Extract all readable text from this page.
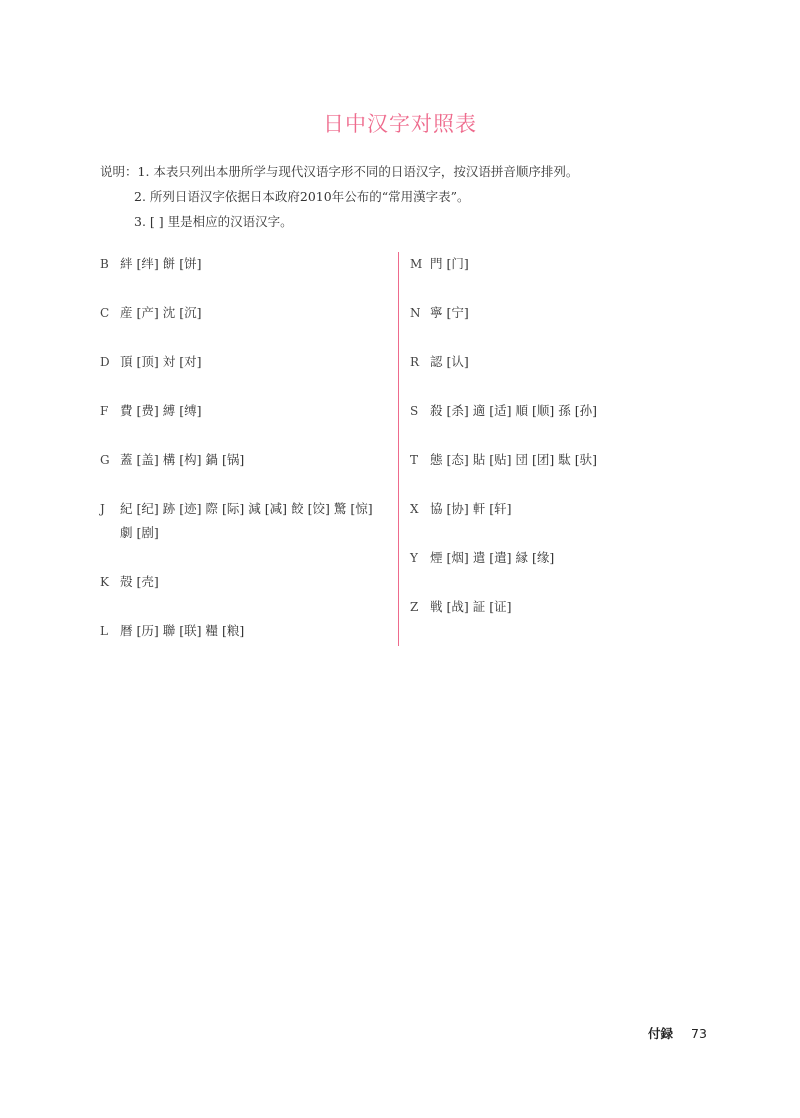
日中汉字对照表
说明：1. 本表只列出本册所学与现代汉语字形不同的日语汉字，按汉语拼音顺序排列。
2. 所列日语汉字依据日本政府2010年公布的“常用漢字表”。
3. [ ] 里是相应的汉语汉字。
B 絆 [绊] 餅 [饼]
C 産 [产] 沈 [沉]
D 頂 [顶] 対 [对]
F 費 [费] 縛 [缚]
G 蓋 [盖] 構 [构] 鍋 [锅]
J	紀 [纪] 跡 [迹] 際 [际] 減 [减] 餃 [饺] 驚 [惊]
劇 [剧]
K 殻 [壳]
L 暦 [历] 聯 [联] 糧 [粮]
M 門 [门]
N 寧 [宁]
R 認 [认]
S 殺 [杀] 適 [适] 順 [顺] 孫 [孙]
T 態 [态] 貼 [贴] 団 [团] 駄 [驮]
X 協 [协] 軒 [轩]
Y 煙 [烟] 遣 [遣] 縁 [缘]
Z 戦 [战] 証 [证]
付録 73
